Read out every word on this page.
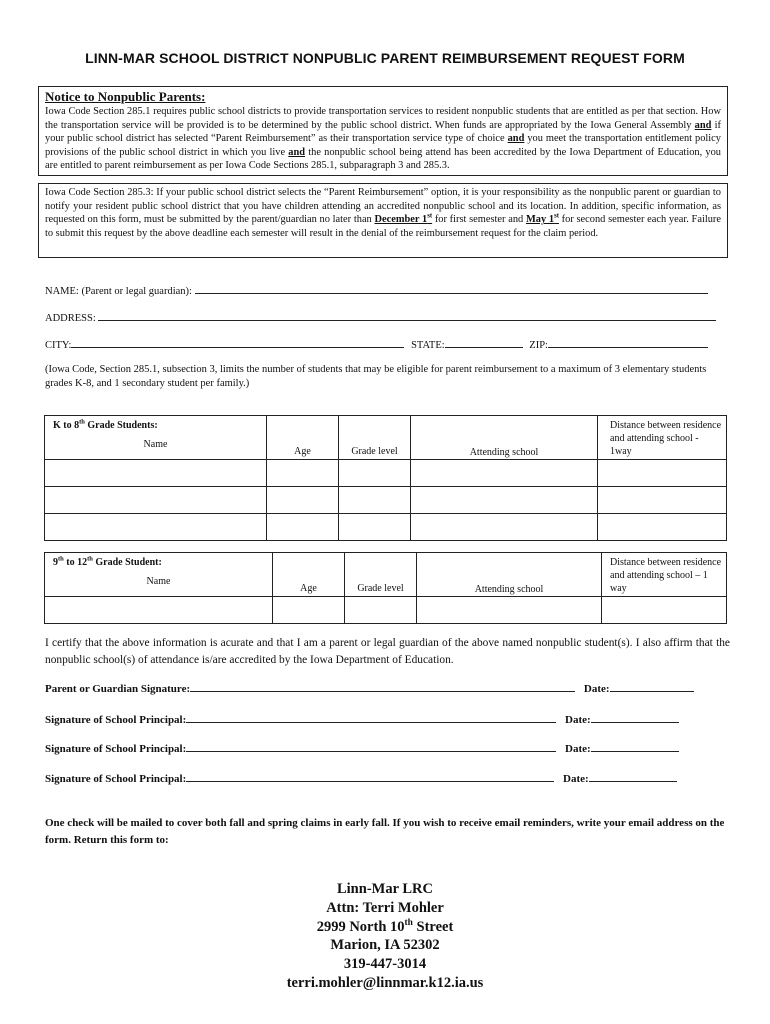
LINN-MAR SCHOOL DISTRICT NONPUBLIC PARENT REIMBURSEMENT REQUEST FORM
Notice to Nonpublic Parents:
Iowa Code Section 285.1 requires public school districts to provide transportation services to resident nonpublic students that are entitled as per that section. How the transportation service will be provided is to be determined by the public school district. When funds are appropriated by the Iowa General Assembly and if your public school district has selected “Parent Reimbursement” as their transportation service type of choice and you meet the transportation entitlement policy provisions of the public school district in which you live and the nonpublic school being attend has been accredited by the Iowa Department of Education, you are entitled to parent reimbursement as per Iowa Code Sections 285.1, subparagraph 3 and 285.3.
Iowa Code Section 285.3: If your public school district selects the “Parent Reimbursement” option, it is your responsibility as the nonpublic parent or guardian to notify your resident public school district that you have children attending an accredited nonpublic school and its location. In addition, specific information, as requested on this form, must be submitted by the parent/guardian no later than December 1st for first semester and May 1st for second semester each year. Failure to submit this request by the above deadline each semester will result in the denial of the reimbursement request for the claim period.
NAME: (Parent or legal guardian):
ADDRESS:
CITY:	STATE:	ZIP:
(Iowa Code, Section 285.1, subsection 3, limits the number of students that may be eligible for parent reimbursement to a maximum of 3 elementary students grades K-8, and 1 secondary student per family.)
K to 8th Grade Students:
Name	Age	Grade level	Attending school	Distance between residence and attending school - 1way

9th to 12th Grade Student:
Name	Age	Grade level	Attending school	Distance between residence and attending school – 1 way

I certify that the above information is acurate and that I am a parent or legal guardian of the above named nonpublic student(s). I also affirm that the nonpublic school(s) of attendance is/are accredited by the Iowa Department of Education.
Parent or Guardian Signature:	Date:
Signature of School Principal:	Date:
Signature of School Principal:	Date:
Signature of School Principal:	Date:
One check will be mailed to cover both fall and spring claims in early fall. If you wish to receive email reminders, write your email address on the form. Return this form to:
Linn-Mar LRC
Attn: Terri Mohler
2999 North 10th Street
Marion, IA 52302
319-447-3014
terri.mohler@linnmar.k12.ia.us
